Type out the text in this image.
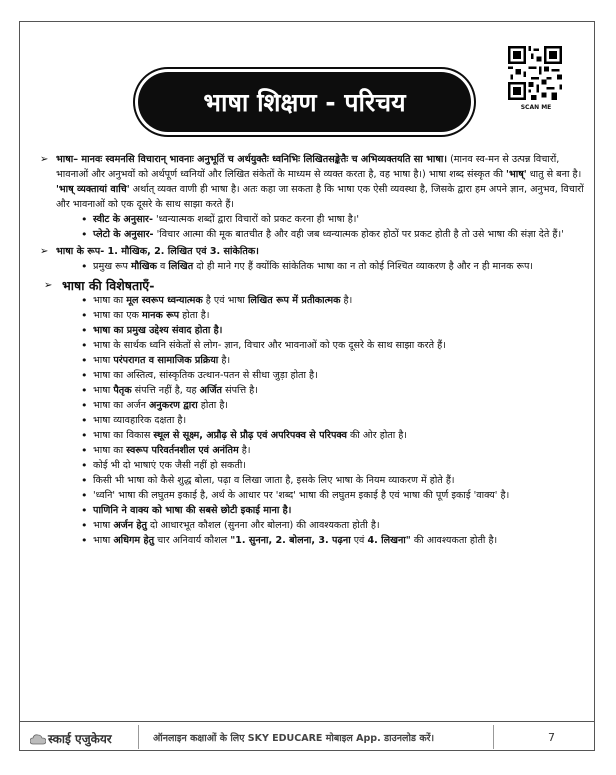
भाषा शिक्षण - परिचय	SCAN ME
➢ भाषा– मानवः स्वमनसि विचारान् भावनाः अनुभूतिं च अर्थयुक्तैः ध्वनिभिः लिखितसङ्केतैः च अभिव्यक्तयति सा भाषा। (मानव स्व-मन से उत्पन्न विचारों, भावनाओं और अनुभवों को अर्थपूर्ण ध्वनियों और लिखित संकेतों के माध्यम से व्यक्त करता है, वह भाषा है।) भाषा शब्द संस्कृत की 'भाष्' धातु से बना है। 'भाष् व्यक्तायां वाचि' अर्थात् व्यक्त वाणी ही भाषा है। अतः कहा जा सकता है कि भाषा एक ऐसी व्यवस्था है, जिसके द्वारा हम अपने ज्ञान, अनुभव, विचारों और भावनाओं को एक दूसरे के साथ साझा करते हैं।
• स्वीट के अनुसार- 'ध्वन्यात्मक शब्दों द्वारा विचारों को प्रकट करना ही भाषा है।'
• प्लेटो के अनुसार- 'विचार आत्मा की मूक बातचीत है और वही जब ध्वन्यात्मक होकर होठों पर प्रकट होती है तो उसे भाषा की संज्ञा देते हैं।'
➢ भाषा के रूप- 1. मौखिक, 2. लिखित एवं 3. सांकेतिक।
• प्रमुख रूप मौखिक व लिखित दो ही माने गए हैं क्योंकि सांकेतिक भाषा का न तो कोई निश्चित व्याकरण है और न ही मानक रूप।
➢ भाषा की विशेषताएँ-
• भाषा का मूल स्वरूप ध्वन्यात्मक है एवं भाषा लिखित रूप में प्रतीकात्मक है।
• भाषा का एक मानक रूप होता है।
• भाषा का प्रमुख उद्देश्य संवाद होता है।
• भाषा के सार्थक ध्वनि संकेतों से लोग- ज्ञान, विचार और भावनाओं को एक दूसरे के साथ साझा करते हैं।
• भाषा परंपरागत व सामाजिक प्रक्रिया है।
• भाषा का अस्तित्व, सांस्कृतिक उत्थान-पतन से सीधा जुड़ा होता है।
• भाषा पैतृक संपत्ति नहीं है, यह अर्जित संपत्ति है।
• भाषा का अर्जन अनुकरण द्वारा होता है।
• भाषा व्यावहारिक दक्षता है।
• भाषा का विकास स्थूल से सूक्ष्म, अप्रौढ़ से प्रौढ़ एवं अपरिपक्व से परिपक्व की ओर होता है।
• भाषा का स्वरूप परिवर्तनशील एवं अनंतिम है।
• कोई भी दो भाषाएं एक जैसी नहीं हो सकती।
• किसी भी भाषा को कैसे शुद्ध बोला, पढ़ा व लिखा जाता है, इसके लिए भाषा के नियम व्याकरण में होते हैं।
• 'ध्वनि' भाषा की लघुतम इकाई है, अर्थ के आधार पर 'शब्द' भाषा की लघुतम इकाई है एवं भाषा की पूर्ण इकाई 'वाक्य' है।
• पाणिनि ने वाक्य को भाषा की सबसे छोटी इकाई माना है।
• भाषा अर्जन हेतु दो आधारभूत कौशल (सुनना और बोलना) की आवश्यकता होती है।
• भाषा अधिगम हेतु चार अनिवार्य कौशल "1. सुनना, 2. बोलना, 3. पढ़ना एवं 4. लिखना" की आवश्यकता होती है।
स्काई एजुकेयर	ऑनलाइन कक्षाओं के लिए SKY EDUCARE मोबाइल App. डाउनलोड करें।	7
